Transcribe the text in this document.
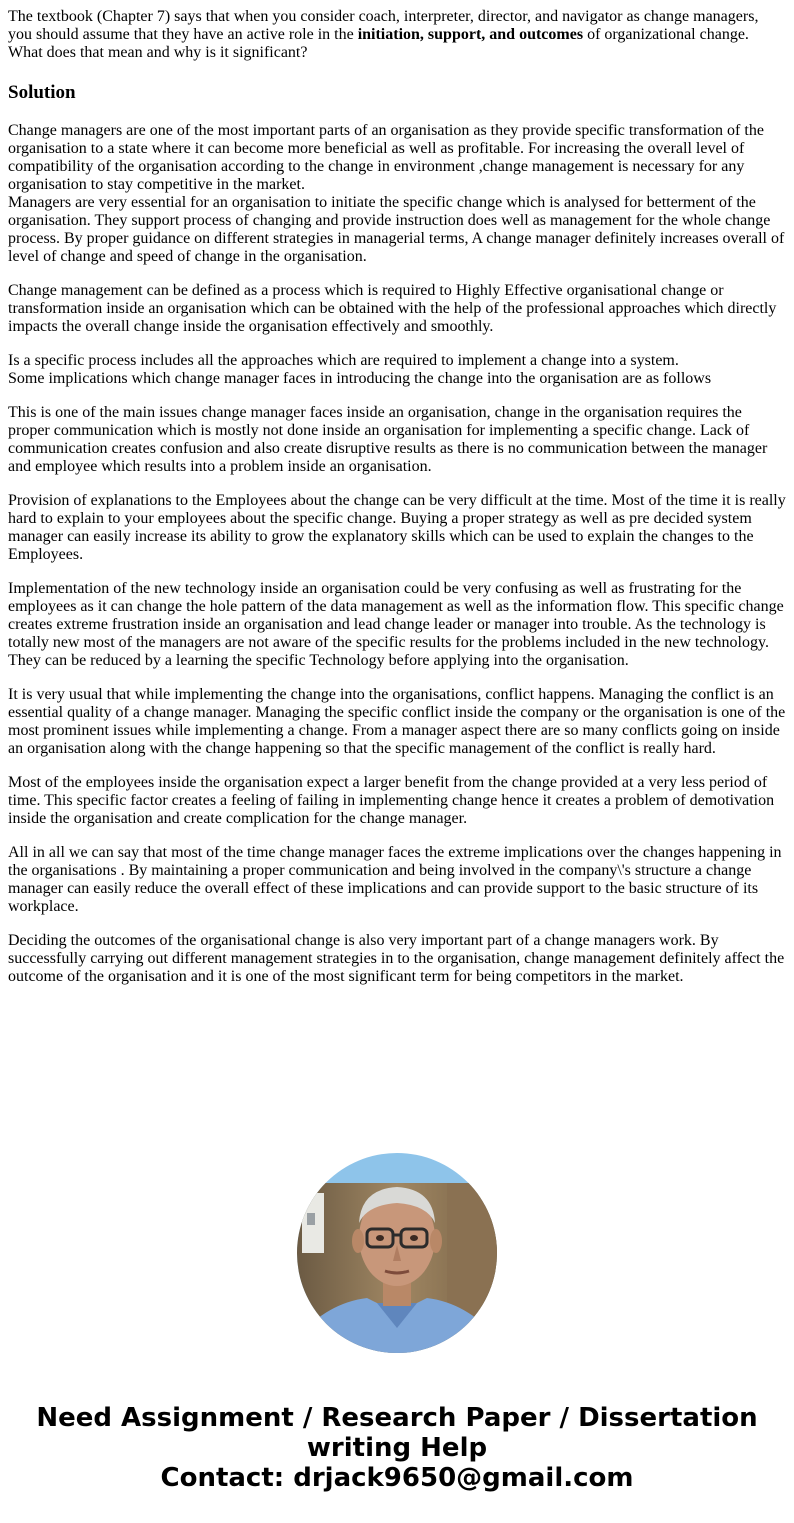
The textbook (Chapter 7) says that when you consider coach, interpreter, director, and navigator as change managers, you should assume that they have an active role in the initiation, support, and outcomes of organizational change. What does that mean and why is it significant?

Solution

Change managers are one of the most important parts of an organisation as they provide specific transformation of the organisation to a state where it can become more beneficial as well as profitable. For increasing the overall level of compatibility of the organisation according to the change in environment ,change management is necessary for any organisation to stay competitive in the market.
Managers are very essential for an organisation to initiate the specific change which is analysed for betterment of the organisation. They support process of changing and provide instruction does well as management for the whole change process. By proper guidance on different strategies in managerial terms, A change manager definitely increases overall of level of change and speed of change in the organisation.

Change management can be defined as a process which is required to Highly Effective organisational change or transformation inside an organisation which can be obtained with the help of the professional approaches which directly impacts the overall change inside the organisation effectively and smoothly.

Is a specific process includes all the approaches which are required to implement a change into a system.
Some implications which change manager faces in introducing the change into the organisation are as follows

This is one of the main issues change manager faces inside an organisation, change in the organisation requires the proper communication which is mostly not done inside an organisation for implementing a specific change. Lack of communication creates confusion and also create disruptive results as there is no communication between the manager and employee which results into a problem inside an organisation.

Provision of explanations to the Employees about the change can be very difficult at the time. Most of the time it is really hard to explain to your employees about the specific change. Buying a proper strategy as well as pre decided system manager can easily increase its ability to grow the explanatory skills which can be used to explain the changes to the Employees.

Implementation of the new technology inside an organisation could be very confusing as well as frustrating for the employees as it can change the hole pattern of the data management as well as the information flow. This specific change creates extreme frustration inside an organisation and lead change leader or manager into trouble. As the technology is totally new most of the managers are not aware of the specific results for the problems included in the new technology. They can be reduced by a learning the specific Technology before applying into the organisation.

It is very usual that while implementing the change into the organisations, conflict happens. Managing the conflict is an essential quality of a change manager. Managing the specific conflict inside the company or the organisation is one of the most prominent issues while implementing a change. From a manager aspect there are so many conflicts going on inside an organisation along with the change happening so that the specific management of the conflict is really hard.

Most of the employees inside the organisation expect a larger benefit from the change provided at a very less period of time. This specific factor creates a feeling of failing in implementing change hence it creates a problem of demotivation inside the organisation and create complication for the change manager.

All in all we can say that most of the time change manager faces the extreme implications over the changes happening in the organisations . By maintaining a proper communication and being involved in the company\'s structure a change manager can easily reduce the overall effect of these implications and can provide support to the basic structure of its workplace.

Deciding the outcomes of the organisational change is also very important part of a change managers work. By successfully carrying out different management strategies in to the organisation, change management definitely affect the outcome of the organisation and it is one of the most significant term for being competitors in the market.

Need Assignment / Research Paper / Dissertation
writing Help
Contact: drjack9650@gmail.com
